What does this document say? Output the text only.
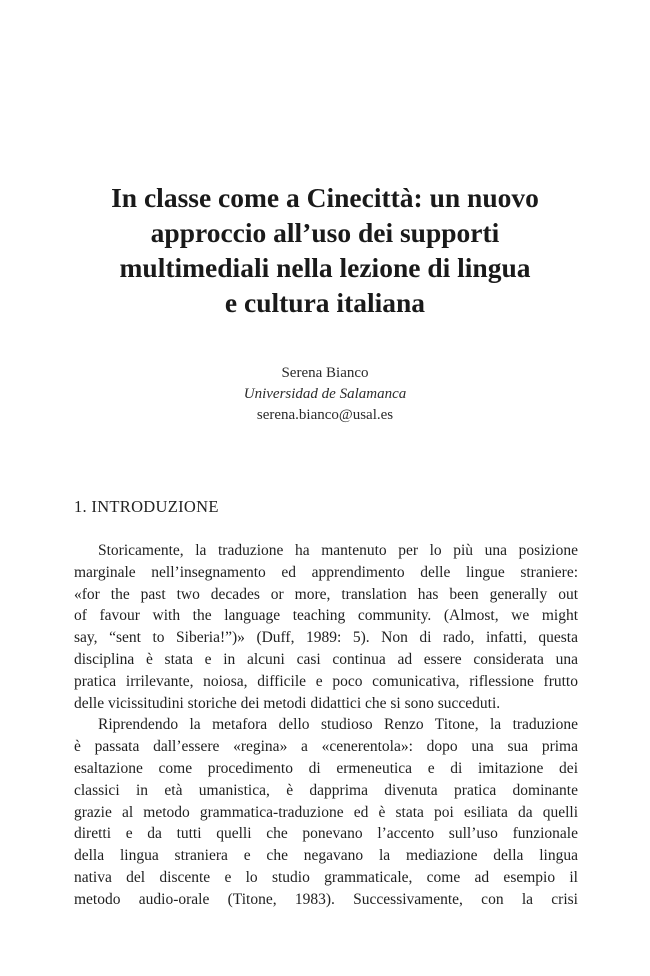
In classe come a Cinecittà: un nuovo
approccio all’uso dei supporti
multimediali nella lezione di lingua
e cultura italiana
Serena Bianco
Universidad de Salamanca
serena.bianco@usal.es
1. INTRODUZIONE
Storicamente, la traduzione ha mantenuto per lo più una posizione
marginale nell’insegnamento ed apprendimento delle lingue straniere:
«for the past two decades or more, translation has been generally out
of favour with the language teaching community. (Almost, we might
say, “sent to Siberia!”)» (Duff, 1989: 5). Non di rado, infatti, questa
disciplina è stata e in alcuni casi continua ad essere considerata una
pratica irrilevante, noiosa, difficile e poco comunicativa, riflessione frutto
delle vicissitudini storiche dei metodi didattici che si sono succeduti.
Riprendendo la metafora dello studioso Renzo Titone, la traduzione
è passata dall’essere «regina» a «cenerentola»: dopo una sua prima
esaltazione come procedimento di ermeneutica e di imitazione dei
classici in età umanistica, è dapprima divenuta pratica dominante
grazie al metodo grammatica-traduzione ed è stata poi esiliata da quelli
diretti e da tutti quelli che ponevano l’accento sull’uso funzionale
della lingua straniera e che negavano la mediazione della lingua
nativa del discente e lo studio grammaticale, come ad esempio il
metodo audio-orale (Titone, 1983). Successivamente, con la crisi
